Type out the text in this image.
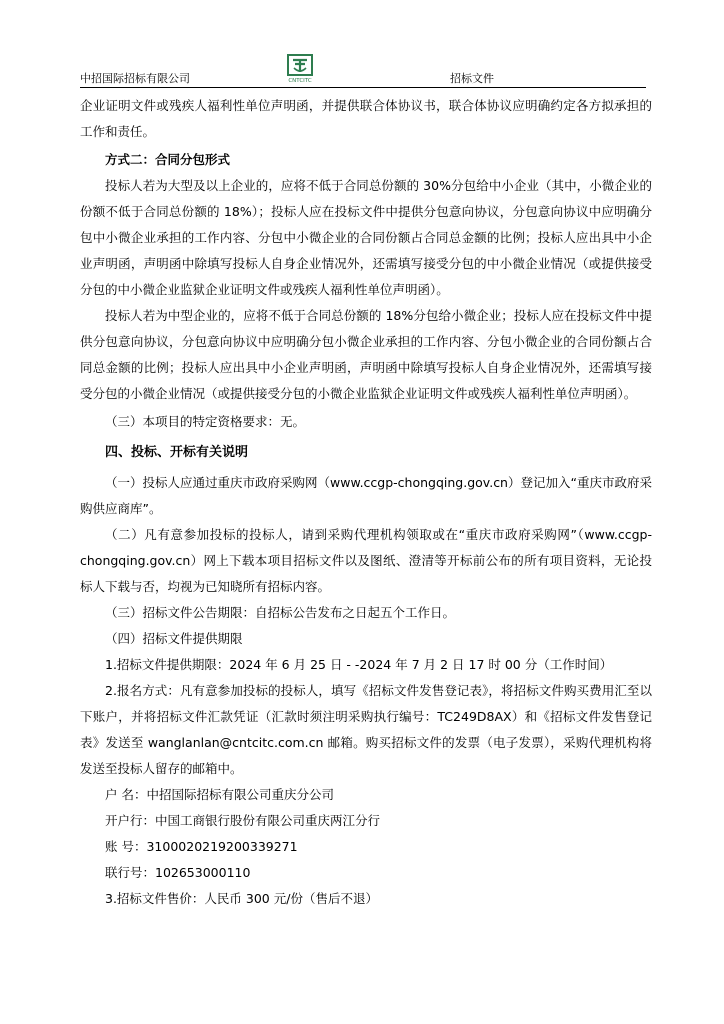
中招国际招标有限公司	CNTCITC	招标文件

企业证明文件或残疾人福利性单位声明函，并提供联合体协议书，联合体协议应明确约定各方拟承担的工作和责任。

方式二：合同分包形式

投标人若为大型及以上企业的，应将不低于合同总份额的 30%分包给中小企业（其中，小微企业的份额不低于合同总份额的 18%）；投标人应在投标文件中提供分包意向协议，分包意向协议中应明确分包中小微企业承担的工作内容、分包中小微企业的合同份额占合同总金额的比例；投标人应出具中小企业声明函，声明函中除填写投标人自身企业情况外，还需填写接受分包的中小微企业情况（或提供接受分包的中小微企业监狱企业证明文件或残疾人福利性单位声明函）。

投标人若为中型企业的，应将不低于合同总份额的 18%分包给小微企业；投标人应在投标文件中提供分包意向协议，分包意向协议中应明确分包小微企业承担的工作内容、分包小微企业的合同份额占合同总金额的比例；投标人应出具中小企业声明函，声明函中除填写投标人自身企业情况外，还需填写接受分包的小微企业情况（或提供接受分包的小微企业监狱企业证明文件或残疾人福利性单位声明函）。

（三）本项目的特定资格要求：无。

四、投标、开标有关说明

（一）投标人应通过重庆市政府采购网（www.ccgp-chongqing.gov.cn）登记加入“重庆市政府采购供应商库”。

（二）凡有意参加投标的投标人，请到采购代理机构领取或在“重庆市政府采购网”（www.ccgp-chongqing.gov.cn）网上下载本项目招标文件以及图纸、澄清等开标前公布的所有项目资料，无论投标人下载与否，均视为已知晓所有招标内容。

（三）招标文件公告期限：自招标公告发布之日起五个工作日。

（四）招标文件提供期限

1.招标文件提供期限：2024 年 6 月 25 日 - -2024 年 7 月 2 日 17 时 00 分（工作时间）

2.报名方式：凡有意参加投标的投标人，填写《招标文件发售登记表》，将招标文件购买费用汇至以下账户，并将招标文件汇款凭证（汇款时须注明采购执行编号：TC249D8AX）和《招标文件发售登记表》发送至 wanglanlan@cntcitc.com.cn 邮箱。购买招标文件的发票（电子发票），采购代理机构将发送至投标人留存的邮箱中。

户 名：中招国际招标有限公司重庆分公司

开户行：中国工商银行股份有限公司重庆两江分行

账 号：3100020219200339271

联行号：102653000110

3.招标文件售价：人民币 300 元/份（售后不退）
